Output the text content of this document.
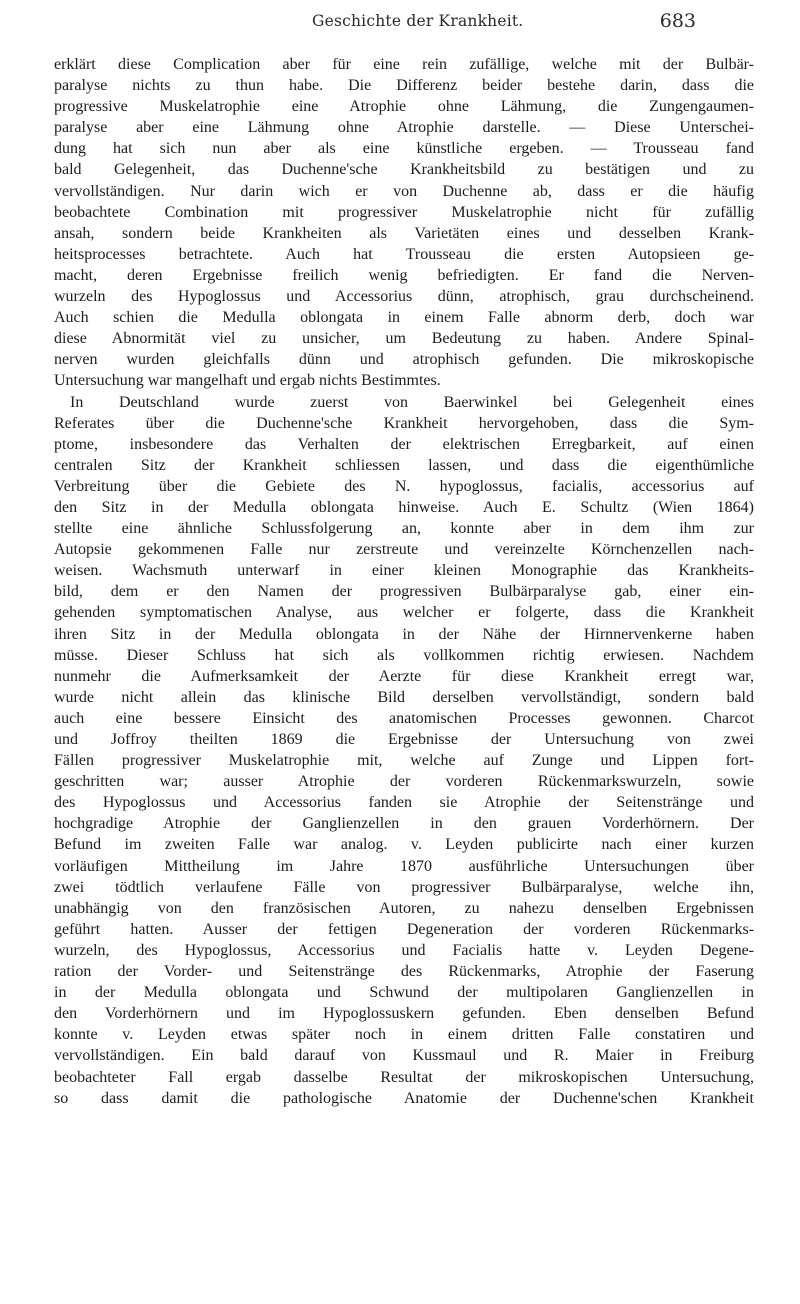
Geschichte der Krankheit.	683
erklärt diese Complication aber für eine rein zufällige, welche mit der Bulbär-
paralyse nichts zu thun habe. Die Differenz beider bestehe darin, dass die
progressive Muskelatrophie eine Atrophie ohne Lähmung, die Zungengaumen-
paralyse aber eine Lähmung ohne Atrophie darstelle. — Diese Unterschei-
dung hat sich nun aber als eine künstliche ergeben. — Trousseau fand
bald Gelegenheit, das Duchenne'sche Krankheitsbild zu bestätigen und zu
vervollständigen. Nur darin wich er von Duchenne ab, dass er die häufig
beobachtete Combination mit progressiver Muskelatrophie nicht für zufällig
ansah, sondern beide Krankheiten als Varietäten eines und desselben Krank-
heitsprocesses betrachtete. Auch hat Trousseau die ersten Autopsieen ge-
macht, deren Ergebnisse freilich wenig befriedigten. Er fand die Nerven-
wurzeln des Hypoglossus und Accessorius dünn, atrophisch, grau durchscheinend.
Auch schien die Medulla oblongata in einem Falle abnorm derb, doch war
diese Abnormität viel zu unsicher, um Bedeutung zu haben. Andere Spinal-
nerven wurden gleichfalls dünn und atrophisch gefunden. Die mikroskopische
Untersuchung war mangelhaft und ergab nichts Bestimmtes.
In Deutschland wurde zuerst von Baerwinkel bei Gelegenheit eines
Referates über die Duchenne'sche Krankheit hervorgehoben, dass die Sym-
ptome, insbesondere das Verhalten der elektrischen Erregbarkeit, auf einen
centralen Sitz der Krankheit schliessen lassen, und dass die eigenthümliche
Verbreitung über die Gebiete des N. hypoglossus, facialis, accessorius auf
den Sitz in der Medulla oblongata hinweise. Auch E. Schultz (Wien 1864)
stellte eine ähnliche Schlussfolgerung an, konnte aber in dem ihm zur
Autopsie gekommenen Falle nur zerstreute und vereinzelte Körnchenzellen nach-
weisen. Wachsmuth unterwarf in einer kleinen Monographie das Krankheits-
bild, dem er den Namen der progressiven Bulbärparalyse gab, einer ein-
gehenden symptomatischen Analyse, aus welcher er folgerte, dass die Krankheit
ihren Sitz in der Medulla oblongata in der Nähe der Hirnnervenkerne haben
müsse. Dieser Schluss hat sich als vollkommen richtig erwiesen. Nachdem
nunmehr die Aufmerksamkeit der Aerzte für diese Krankheit erregt war,
wurde nicht allein das klinische Bild derselben vervollständigt, sondern bald
auch eine bessere Einsicht des anatomischen Processes gewonnen. Charcot
und Joffroy theilten 1869 die Ergebnisse der Untersuchung von zwei
Fällen progressiver Muskelatrophie mit, welche auf Zunge und Lippen fort-
geschritten war; ausser Atrophie der vorderen Rückenmarkswurzeln, sowie
des Hypoglossus und Accessorius fanden sie Atrophie der Seitenstränge und
hochgradige Atrophie der Ganglienzellen in den grauen Vorderhörnern. Der
Befund im zweiten Falle war analog. v. Leyden publicirte nach einer kurzen
vorläufigen Mittheilung im Jahre 1870 ausführliche Untersuchungen über
zwei tödtlich verlaufene Fälle von progressiver Bulbärparalyse, welche ihn,
unabhängig von den französischen Autoren, zu nahezu denselben Ergebnissen
geführt hatten. Ausser der fettigen Degeneration der vorderen Rückenmarks-
wurzeln, des Hypoglossus, Accessorius und Facialis hatte v. Leyden Degene-
ration der Vorder- und Seitenstränge des Rückenmarks, Atrophie der Faserung
in der Medulla oblongata und Schwund der multipolaren Ganglienzellen in
den Vorderhörnern und im Hypoglossuskern gefunden. Eben denselben Befund
konnte v. Leyden etwas später noch in einem dritten Falle constatiren und
vervollständigen. Ein bald darauf von Kussmaul und R. Maier in Freiburg
beobachteter Fall ergab dasselbe Resultat der mikroskopischen Untersuchung,
so dass damit die pathologische Anatomie der Duchenne'schen Krankheit
